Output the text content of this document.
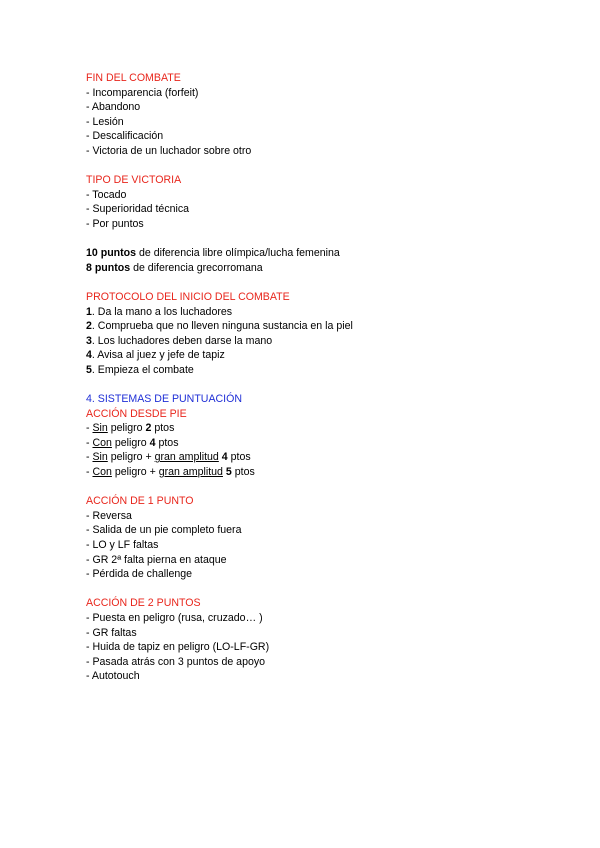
FIN DEL COMBATE
- Incomparencia (forfeit)
- Abandono
- Lesión
- Descalificación
- Victoria de un luchador sobre otro
TIPO DE VICTORIA
- Tocado
- Superioridad técnica
- Por puntos
10 puntos de diferencia libre olímpica/lucha femenina
8 puntos de diferencia grecorromana
PROTOCOLO DEL INICIO DEL COMBATE
1. Da la mano a los luchadores
2. Comprueba que no lleven ninguna sustancia en la piel
3. Los luchadores deben darse la mano
4. Avisa al juez y jefe de tapiz
5. Empieza el combate
4. SISTEMAS DE PUNTUACIÓN
ACCIÓN DESDE PIE
- Sin peligro 2 ptos
- Con peligro 4 ptos
- Sin peligro + gran amplitud 4 ptos
- Con peligro + gran amplitud 5 ptos
ACCIÓN DE 1 PUNTO
- Reversa
- Salida de un pie completo fuera
- LO y LF faltas
- GR 2ª falta pierna en ataque
- Pérdida de challenge
ACCIÓN DE 2 PUNTOS
- Puesta en peligro (rusa, cruzado… )
- GR faltas
- Huida de tapiz en peligro (LO-LF-GR)
- Pasada atrás con 3 puntos de apoyo
- Autotouch
